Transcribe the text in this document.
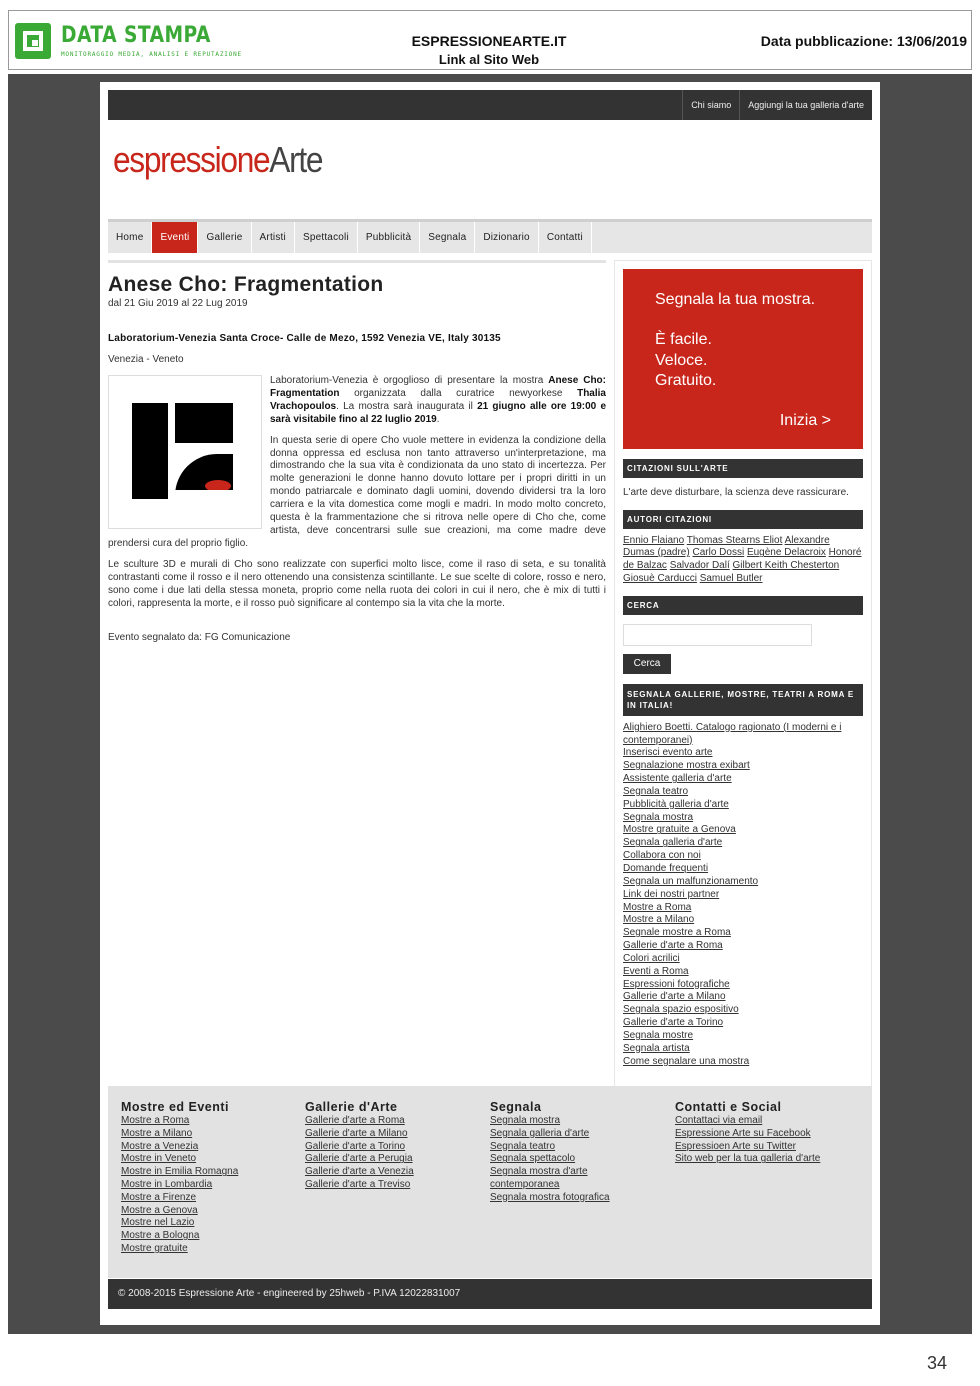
DATA STAMPA
MONITORAGGIO MEDIA, ANALISI E REPUTAZIONE
ESPRESSIONEARTE.IT
Link al Sito Web
Data pubblicazione: 13/06/2019
Chi siamo	Aggiungi la tua galleria d'arte
espressioneArte
Home	Eventi	Gallerie	Artisti	Spettacoli	Pubblicità	Segnala	Dizionario	Contatti
Anese Cho: Fragmentation
dal 21 Giu 2019 al 22 Lug 2019
Laboratorium-Venezia Santa Croce- Calle de Mezo, 1592 Venezia VE, Italy 30135
Venezia - Veneto

Laboratorium-Venezia è orgoglioso di presentare la mostra Anese Cho: Fragmentation organizzata dalla curatrice newyorkese Thalia Vrachopoulos. La mostra sarà inaugurata il 21 giugno alle ore 19:00 e sarà visitabile fino al 22 luglio 2019.

In questa serie di opere Cho vuole mettere in evidenza la condizione della donna oppressa ed esclusa non tanto attraverso un'interpretazione, ma dimostrando che la sua vita è condizionata da uno stato di incertezza. Per molte generazioni le donne hanno dovuto lottare per i propri diritti in un mondo patriarcale e dominato dagli uomini, dovendo dividersi tra la loro carriera e la vita domestica come mogli e madri. In modo molto concreto, questa è la frammentazione che si ritrova nelle opere di Cho che, come artista, deve concentrarsi sulle sue creazioni, ma come madre deve prendersi cura del proprio figlio.

Le sculture 3D e murali di Cho sono realizzate con superfici molto lisce, come il raso di seta, e su tonalità contrastanti come il rosso e il nero ottenendo una consistenza scintillante. Le sue scelte di colore, rosso e nero, sono come i due lati della stessa moneta, proprio come nella ruota dei colori in cui il nero, che è mix di tutti i colori, rappresenta la morte, e il rosso può significare al contempo sia la vita che la morte.

Evento segnalato da: FG Comunicazione
Segnala la tua mostra.
È facile.
Veloce.
Gratuito.
Inizia >
CITAZIONI SULL'ARTE
L'arte deve disturbare, la scienza deve rassicurare.
AUTORI CITAZIONI
Ennio Flaiano Thomas Stearns Eliot Alexandre Dumas (padre) Carlo Dossi Eugène Delacroix Honoré de Balzac Salvador Dalí Gilbert Keith Chesterton Giosuè Carducci Samuel Butler
CERCA
Cerca
SEGNALA GALLERIE, MOSTRE, TEATRI A ROMA E IN ITALIA!
Alighiero Boetti. Catalogo ragionato (I moderni e i contemporanei)
Inserisci evento arte
Segnalazione mostra exibart
Assistente galleria d'arte
Segnala teatro
Pubblicità galleria d'arte
Segnala mostra
Mostre gratuite a Genova
Segnala galleria d'arte
Collabora con noi
Domande frequenti
Segnala un malfunzionamento
Link dei nostri partner
Mostre a Roma
Mostre a Milano
Segnale mostre a Roma
Gallerie d'arte a Roma
Colori acrilici
Eventi a Roma
Espressioni fotografiche
Gallerie d'arte a Milano
Segnala spazio espositivo
Gallerie d'arte a Torino
Segnala mostre
Segnala artista
Come segnalare una mostra
Mostre ed Eventi
Mostre a Roma
Mostre a Milano
Mostre a Venezia
Mostre in Veneto
Mostre in Emilia Romagna
Mostre in Lombardia
Mostre a Firenze
Mostre a Genova
Mostre nel Lazio
Mostre a Bologna
Mostre gratuite
Gallerie d'Arte
Gallerie d'arte a Roma
Gallerie d'arte a Milano
Gallerie d'arte a Torino
Gallerie d'arte a Perugia
Gallerie d'arte a Venezia
Gallerie d'arte a Treviso
Segnala
Segnala mostra
Segnala galleria d'arte
Segnala teatro
Segnala spettacolo
Segnala mostra d'arte contemporanea
Segnala mostra fotografica
Contatti e Social
Contattaci via email
Espressione Arte su Facebook
Espressioen Arte su Twitter
Sito web per la tua galleria d'arte
© 2008-2015 Espressione Arte - engineered by 25hweb - P.IVA 12022831007
34
